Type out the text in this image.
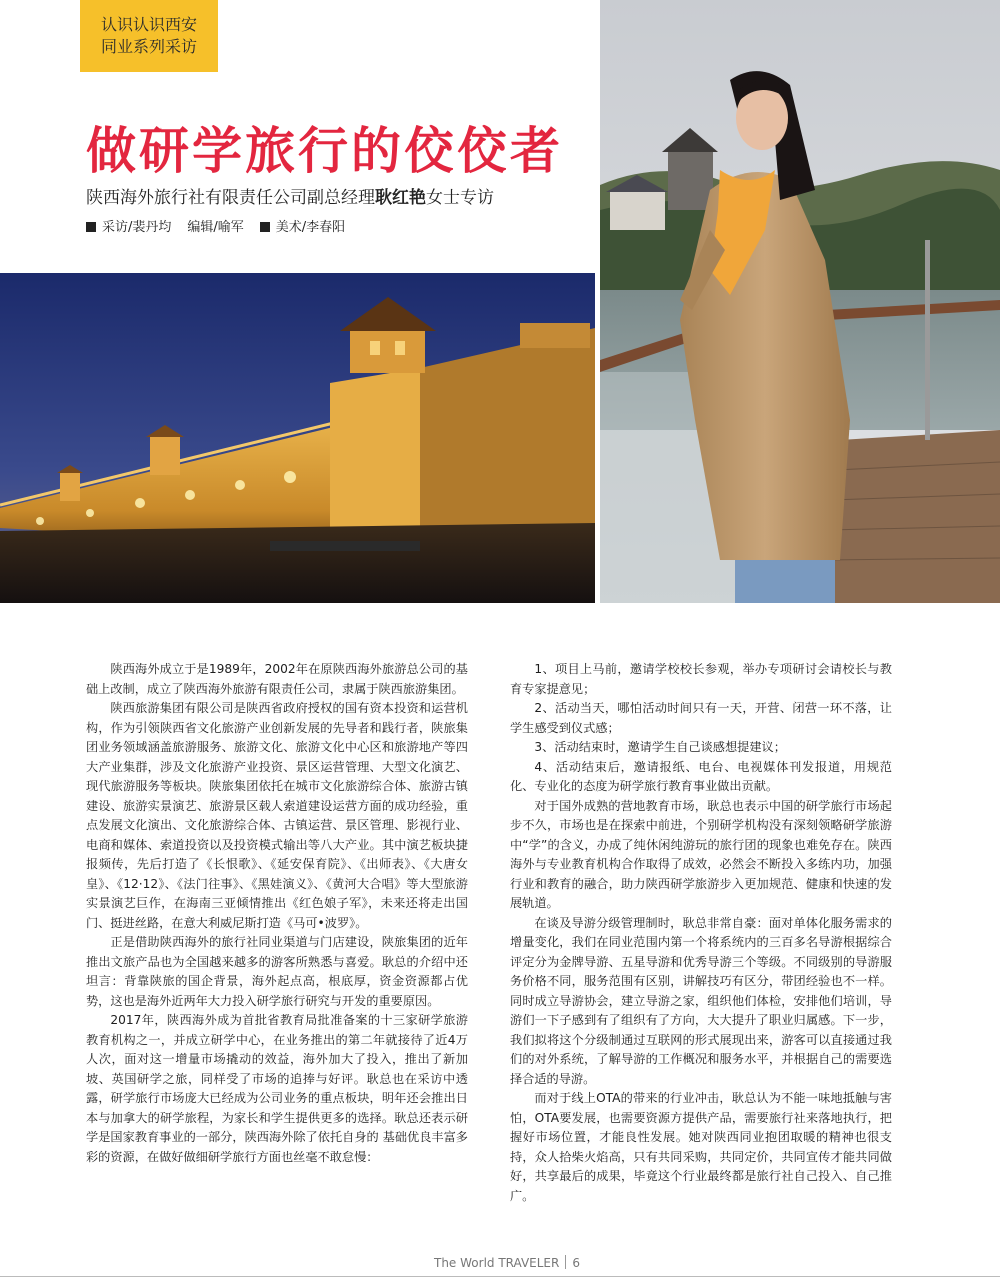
认识认识西安
同业系列采访
做研学旅行的佼佼者
陕西海外旅行社有限责任公司副总经理耿红艳女士专访
采访/裴丹均 编辑/喻军 美术/李春阳

陕西海外成立于是1989年，2002年在原陕西海外旅游总公司的基础上改制，成立了陕西海外旅游有限责任公司，隶属于陕西旅游集团。

陕西旅游集团有限公司是陕西省政府授权的国有资本投资和运营机构，作为引领陕西省文化旅游产业创新发展的先导者和践行者，陕旅集团业务领域涵盖旅游服务、旅游文化、旅游文化中心区和旅游地产等四大产业集群，涉及文化旅游产业投资、景区运营管理、大型文化演艺、现代旅游服务等板块。陕旅集团依托在城市文化旅游综合体、旅游古镇建设、旅游实景演艺、旅游景区载人索道建设运营方面的成功经验，重点发展文化演出、文化旅游综合体、古镇运营、景区管理、影视行业、电商和媒体、索道投资以及投资模式输出等八大产业。其中演艺板块捷报频传，先后打造了《长恨歌》、《延安保育院》、《出师表》、《大唐女皇》、《12·12》、《法门往事》、《黑娃演义》、《黄河大合唱》等大型旅游实景演艺巨作，在海南三亚倾情推出《红色娘子军》，未来还将走出国门、挺进丝路，在意大利威尼斯打造《马可•波罗》。

正是借助陕西海外的旅行社同业渠道与门店建设，陕旅集团的近年推出文旅产品也为全国越来越多的游客所熟悉与喜爱。耿总的介绍中还坦言：背靠陕旅的国企背景，海外起点高，根底厚，资金资源都占优势，这也是海外近两年大力投入研学旅行研究与开发的重要原因。

2017年，陕西海外成为首批省教育局批准备案的十三家研学旅游教育机构之一，并成立研学中心，在业务推出的第二年就接待了近4万人次，面对这一增量市场撬动的效益，海外加大了投入，推出了新加坡、英国研学之旅，同样受了市场的追捧与好评。耿总也在采访中透露，研学旅行市场庞大已经成为公司业务的重点板块，明年还会推出日本与加拿大的研学旅程，为家长和学生提供更多的选择。耿总还表示研学是国家教育事业的一部分，陕西海外除了依托自身的 基础优良丰富多彩的资源，在做好做细研学旅行方面也丝毫不敢怠慢：

1、项目上马前，邀请学校校长参观，举办专项研讨会请校长与教育专家提意见；

2、活动当天，哪怕活动时间只有一天，开营、闭营一环不落，让学生感受到仪式感；

3、活动结束时，邀请学生自己谈感想提建议；

4、活动结束后，邀请报纸、电台、电视媒体刊发报道，用规范化、专业化的态度为研学旅行教育事业做出贡献。

对于国外成熟的营地教育市场，耿总也表示中国的研学旅行市场起步不久，市场也是在探索中前进，个别研学机构没有深刻领略研学旅游中“学”的含义，办成了纯休闲纯游玩的旅行团的现象也难免存在。陕西海外与专业教育机构合作取得了成效，必然会不断投入多练内功，加强行业和教育的融合，助力陕西研学旅游步入更加规范、健康和快速的发展轨道。

在谈及导游分级管理制时，耿总非常自豪：面对单体化服务需求的增量变化，我们在同业范围内第一个将系统内的三百多名导游根据综合评定分为金牌导游、五星导游和优秀导游三个等级。不同级别的导游服务价格不同，服务范围有区别，讲解技巧有区分，带团经验也不一样。同时成立导游协会，建立导游之家，组织他们体检，安排他们培训，导游们一下子感到有了组织有了方向，大大提升了职业归属感。下一步，我们拟将这个分级制通过互联网的形式展现出来，游客可以直接通过我们的对外系统，了解导游的工作概况和服务水平，并根据自己的需要选择合适的导游。

而对于线上OTA的带来的行业冲击，耿总认为不能一味地抵触与害怕，OTA要发展，也需要资源方提供产品，需要旅行社来落地执行，把握好市场位置，才能良性发展。她对陕西同业抱团取暖的精神也很支持，众人拾柴火焰高，只有共同采购，共同定价，共同宣传才能共同做好，共享最后的成果，毕竟这个行业最终都是旅行社自己投入、自己推广。

The World TRAVELER 6
